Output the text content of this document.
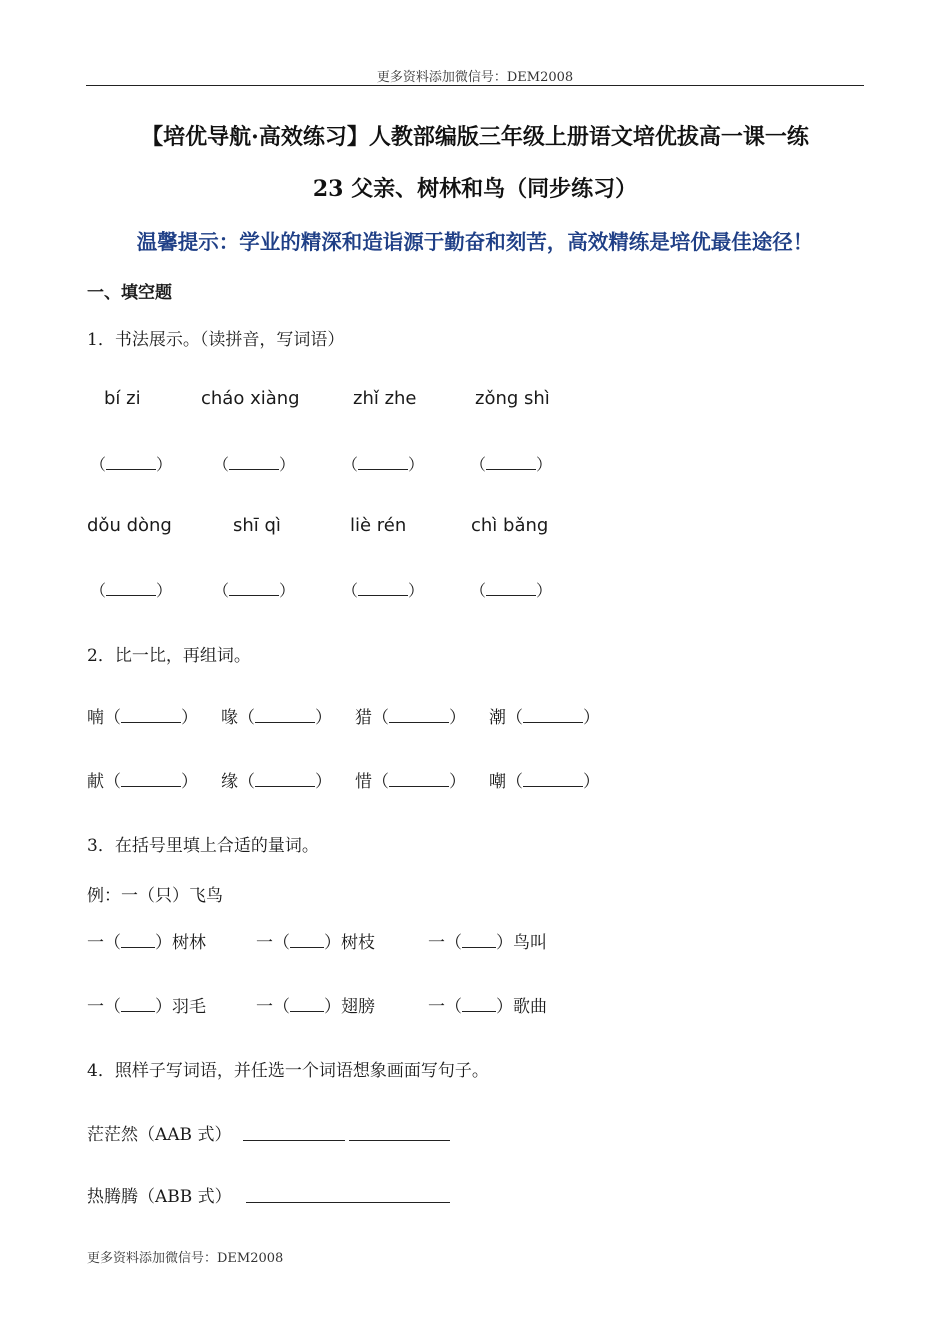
更多资料添加微信号：DEM2008
【培优导航·高效练习】人教部编版三年级上册语文培优拔高一课一练
23 父亲、树林和鸟（同步练习）
温馨提示：学业的精深和造诣源于勤奋和刻苦，高效精练是培优最佳途径！
一、填空题
1．书法展示。（读拼音，写词语）
bí zi	cháo xiàng	zhǐ zhe	zǒng shì
（	）	（	）	（	）	（	）
dǒu dòng	shī qì	liè rén	chì bǎng
（	）	（	）	（	）	（	）
2．比一比，再组词。
喃（	） 喙（	） 猎（	） 潮（	）
献（	） 缘（	） 惜（	） 嘲（	）
3．在括号里填上合适的量词。
例：一（只）飞鸟
一（ ）树林	一（ ）树枝	一（ ）鸟叫
一（ ）羽毛	一（ ）翅膀	一（ ）歌曲
4．照样子写词语，并任选一个词语想象画面写句子。
茫茫然（AAB 式）
热腾腾（ABB 式）
更多资料添加微信号：DEM2008
